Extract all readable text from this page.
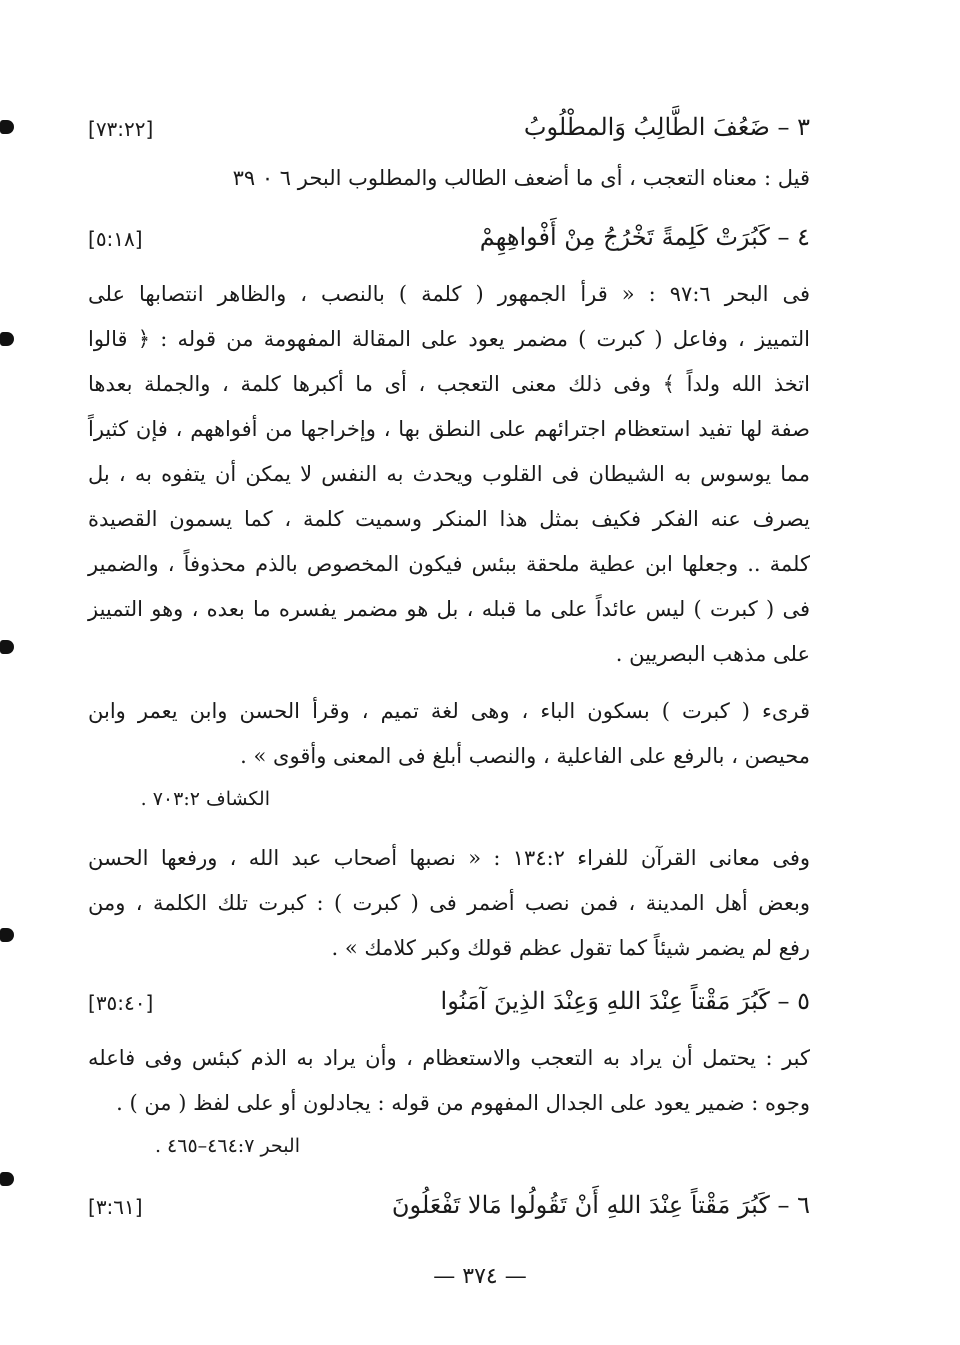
٣ – ضَعُفَ الطَّالِبُ وَالمطْلُوبُ
[٧٣:٢٢]
قيل : معناه التعجب ، أى ما أضعف الطالب والمطلوب البحر ٦ ۰ ٣٩
٤ – كَبُرَتْ كَلِمةً تَخْرُجُ مِنْ أَفْواهِهِمْ
[٥:١٨]
فى البحر ٩٧:٦ : « قرأ الجمهور ( كلمة ) بالنصب ، والظاهر انتصابها على
التمييز ، وفاعل ( كبرت ) مضمر يعود على المقالة المفهومة من قوله : ﴿ قالوا
اتخذ الله ولداً ﴾ وفى ذلك معنى التعجب ، أى ما أكبرها كلمة ، والجملة بعدها
صفة لها تفيد استعظام اجترائهم على النطق بها ، وإخراجها من أفواههم ، فإن كثيراً
مما يوسوس به الشيطان فى القلوب ويحدث به النفس لا يمكن أن يتفوه به ، بل
يصرف عنه الفكر فكيف بمثل هذا المنكر وسميت كلمة ، كما يسمون القصيدة
كلمة .. وجعلها ابن عطية ملحقة ببئس فيكون المخصوص بالذم محذوفاً ، والضمير
فى ( كبرت ) ليس عائداً على ما قبله ، بل هو مضمر يفسره ما بعده ، وهو التمييز
على مذهب البصريين .
قرىء ( كبرت ) بسكون الباء ، وهى لغة تميم ، وقرأ الحسن وابن يعمر وابن
محيصن ، بالرفع على الفاعلية ، والنصب أبلغ فى المعنى وأقوى » .
الكشاف ٧٠٣:٢ .
وفى معانى القرآن للفراء ١٣٤:٢ : « نصبها أصحاب عبد الله ، ورفعها الحسن
وبعض أهل المدينة ، فمن نصب أضمر فى ( كبرت ) : كبرت تلك الكلمة ، ومن
رفع لم يضمر شيئاً كما تقول عظم قولك وكبر كلامك » .
٥ – كَبُرَ مَقْتاً عِنْدَ اللهِ وَعِنْدَ الذِينَ آمَنُوا
[٣٥:٤٠]
كبر : يحتمل أن يراد به التعجب والاستعظام ، وأن يراد به الذم كبئس وفى فاعله
وجوه : ضمير يعود على الجدال المفهوم من قوله : يجادلون أو على لفظ ( من ) .
البحر ٤٦٤:٧–٤٦٥ .
٦ – كَبُرَ مَقْتاً عِنْدَ اللهِ أَنْ تَقُولُوا مَالا تَفْعَلُونَ
[٣:٦١]
— ٣٧٤ —
